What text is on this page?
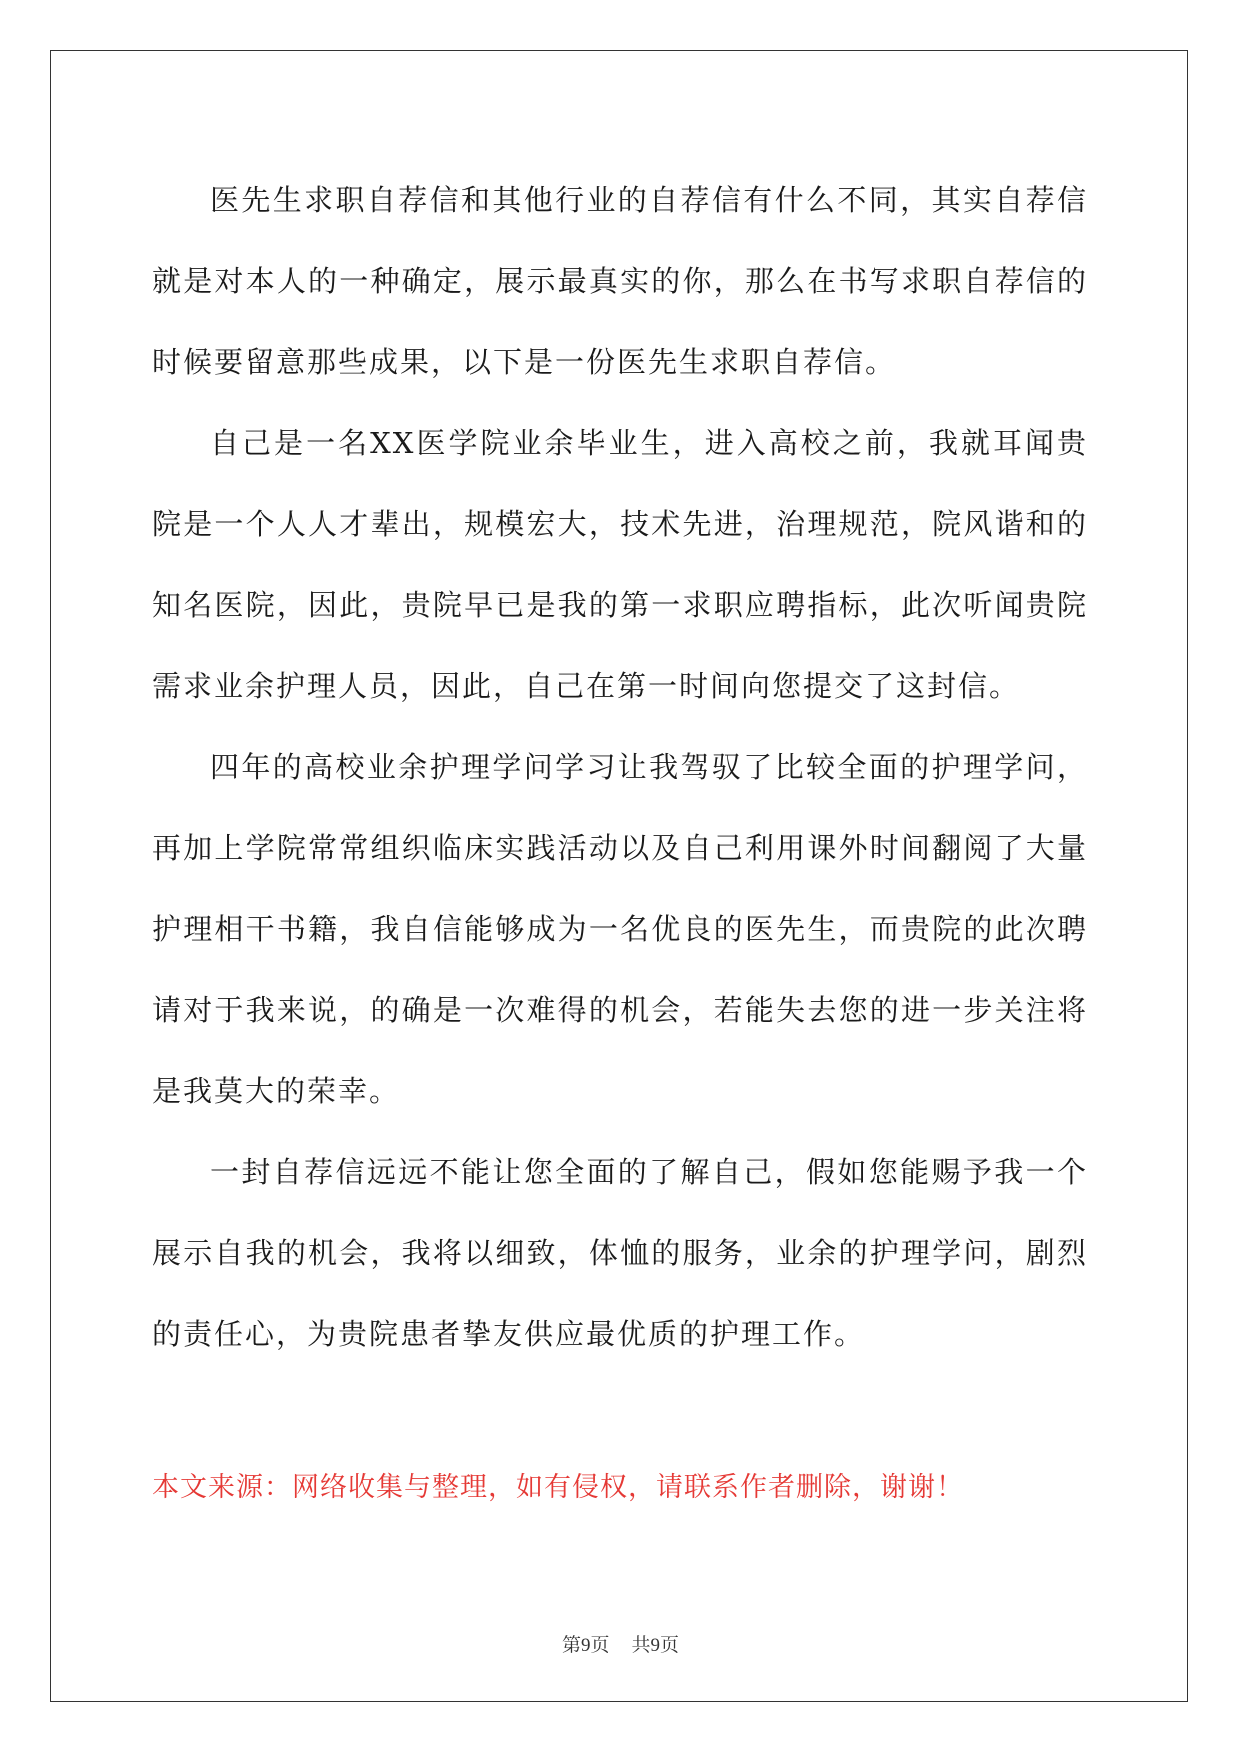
医先生求职自荐信和其他行业的自荐信有什么不同，其实自荐信就是对本人的一种确定，展示最真实的你，那么在书写求职自荐信的时候要留意那些成果，以下是一份医先生求职自荐信。

自己是一名XX医学院业余毕业生，进入高校之前，我就耳闻贵院是一个人人才辈出，规模宏大，技术先进，治理规范，院风谐和的知名医院，因此，贵院早已是我的第一求职应聘指标，此次听闻贵院需求业余护理人员，因此，自己在第一时间向您提交了这封信。

四年的高校业余护理学问学习让我驾驭了比较全面的护理学问，再加上学院常常组织临床实践活动以及自己利用课外时间翻阅了大量护理相干书籍，我自信能够成为一名优良的医先生，而贵院的此次聘请对于我来说，的确是一次难得的机会，若能失去您的进一步关注将是我莫大的荣幸。

一封自荐信远远不能让您全面的了解自己，假如您能赐予我一个展示自我的机会，我将以细致，体恤的服务，业余的护理学问，剧烈的责任心，为贵院患者挚友供应最优质的护理工作。

本文来源：网络收集与整理，如有侵权，请联系作者删除，谢谢！

第9页 共9页
